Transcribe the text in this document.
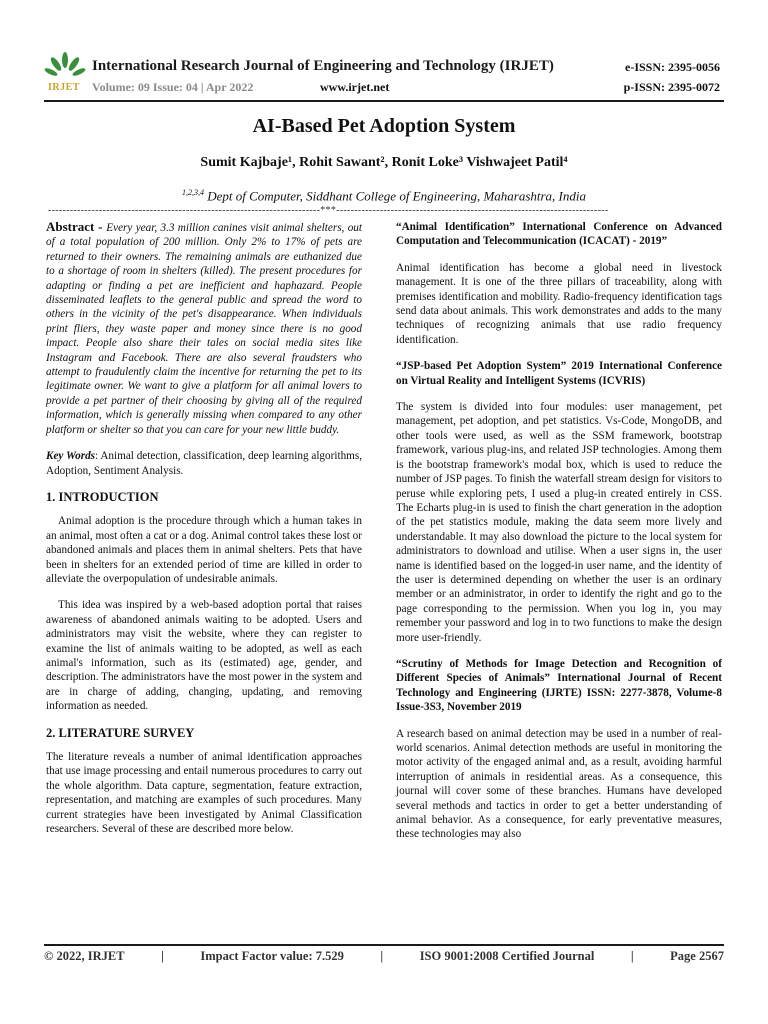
IRJET
International Research Journal of Engineering and Technology (IRJET)
Volume: 09 Issue: 04 | Apr 2022	www.irjet.net
e-ISSN: 2395-0056
p-ISSN: 2395-0072
AI-Based Pet Adoption System
Sumit Kajbaje¹, Rohit Sawant², Ronit Loke³ Vishwajeet Patil⁴
$^{1,2,3,4}$ Dept of Computer, Siddhant College of Engineering, Maharashtra, India
---------------------------------------------------------------------------***---------------------------------------------------------------------------

Abstract - Every year, 3.3 million canines visit animal shelters, out of a total population of 200 million. Only 2% to 17% of pets are returned to their owners. The remaining animals are euthanized due to a shortage of room in shelters (killed). The present procedures for adapting or finding a pet are inefficient and haphazard. People disseminated leaflets to the general public and spread the word to others in the vicinity of the pet's disappearance. When individuals print fliers, they waste paper and money since there is no good impact. People also share their tales on social media sites like Instagram and Facebook. There are also several fraudsters who attempt to fraudulently claim the incentive for returning the pet to its legitimate owner. We want to give a platform for all animal lovers to provide a pet partner of their choosing by giving all of the required information, which is generally missing when compared to any other platform or shelter so that you can care for your new little buddy.

Key Words: Animal detection, classification, deep learning algorithms, Adoption, Sentiment Analysis.

1. INTRODUCTION

Animal adoption is the procedure through which a human takes in an animal, most often a cat or a dog. Animal control takes these lost or abandoned animals and places them in animal shelters. Pets that have been in shelters for an extended period of time are killed in order to alleviate the overpopulation of undesirable animals.

This idea was inspired by a web-based adoption portal that raises awareness of abandoned animals waiting to be adopted. Users and administrators may visit the website, where they can register to examine the list of animals waiting to be adopted, as well as each animal's information, such as its (estimated) age, gender, and description. The administrators have the most power in the system and are in charge of adding, changing, updating, and removing information as needed.

2. LITERATURE SURVEY

The literature reveals a number of animal identification approaches that use image processing and entail numerous procedures to carry out the whole algorithm. Data capture, segmentation, feature extraction, representation, and matching are examples of such procedures. Many current strategies have been investigated by Animal Classification researchers. Several of these are described more below.

“Animal Identification” International Conference on Advanced Computation and Telecommunication (ICACAT) - 2019”

Animal identification has become a global need in livestock management. It is one of the three pillars of traceability, along with premises identification and mobility. Radio-frequency identification tags send data about animals. This work demonstrates and adds to the many techniques of recognizing animals that use radio frequency identification.

“JSP-based Pet Adoption System” 2019 International Conference on Virtual Reality and Intelligent Systems (ICVRIS)

The system is divided into four modules: user management, pet management, pet adoption, and pet statistics. Vs-Code, MongoDB, and other tools were used, as well as the SSM framework, bootstrap framework, various plug-ins, and related JSP technologies. Among them is the bootstrap framework's modal box, which is used to reduce the number of JSP pages. To finish the waterfall stream design for visitors to peruse while exploring pets, I used a plug-in created entirely in CSS. The Echarts plug-in is used to finish the chart generation in the adoption of the pet statistics module, making the data seem more lively and understandable. It may also download the picture to the local system for administrators to download and utilise. When a user signs in, the user name is identified based on the logged-in user name, and the identity of the user is determined depending on whether the user is an ordinary member or an administrator, in order to identify the right and go to the page corresponding to the permission. When you log in, you may remember your password and log in to two functions to make the design more user-friendly.

“Scrutiny of Methods for Image Detection and Recognition of Different Species of Animals” International Journal of Recent Technology and Engineering (IJRTE) ISSN: 2277-3878, Volume-8 Issue-3S3, November 2019

A research based on animal detection may be used in a number of real-world scenarios. Animal detection methods are useful in monitoring the motor activity of the engaged animal and, as a result, avoiding harmful interruption of animals in residential areas. As a consequence, this journal will cover some of these branches. Humans have developed several methods and tactics in order to get a better understanding of animal behavior. As a consequence, for early preventative measures, these technologies may also

© 2022, IRJET	|	Impact Factor value: 7.529	|	ISO 9001:2008 Certified Journal	|	Page 2567
